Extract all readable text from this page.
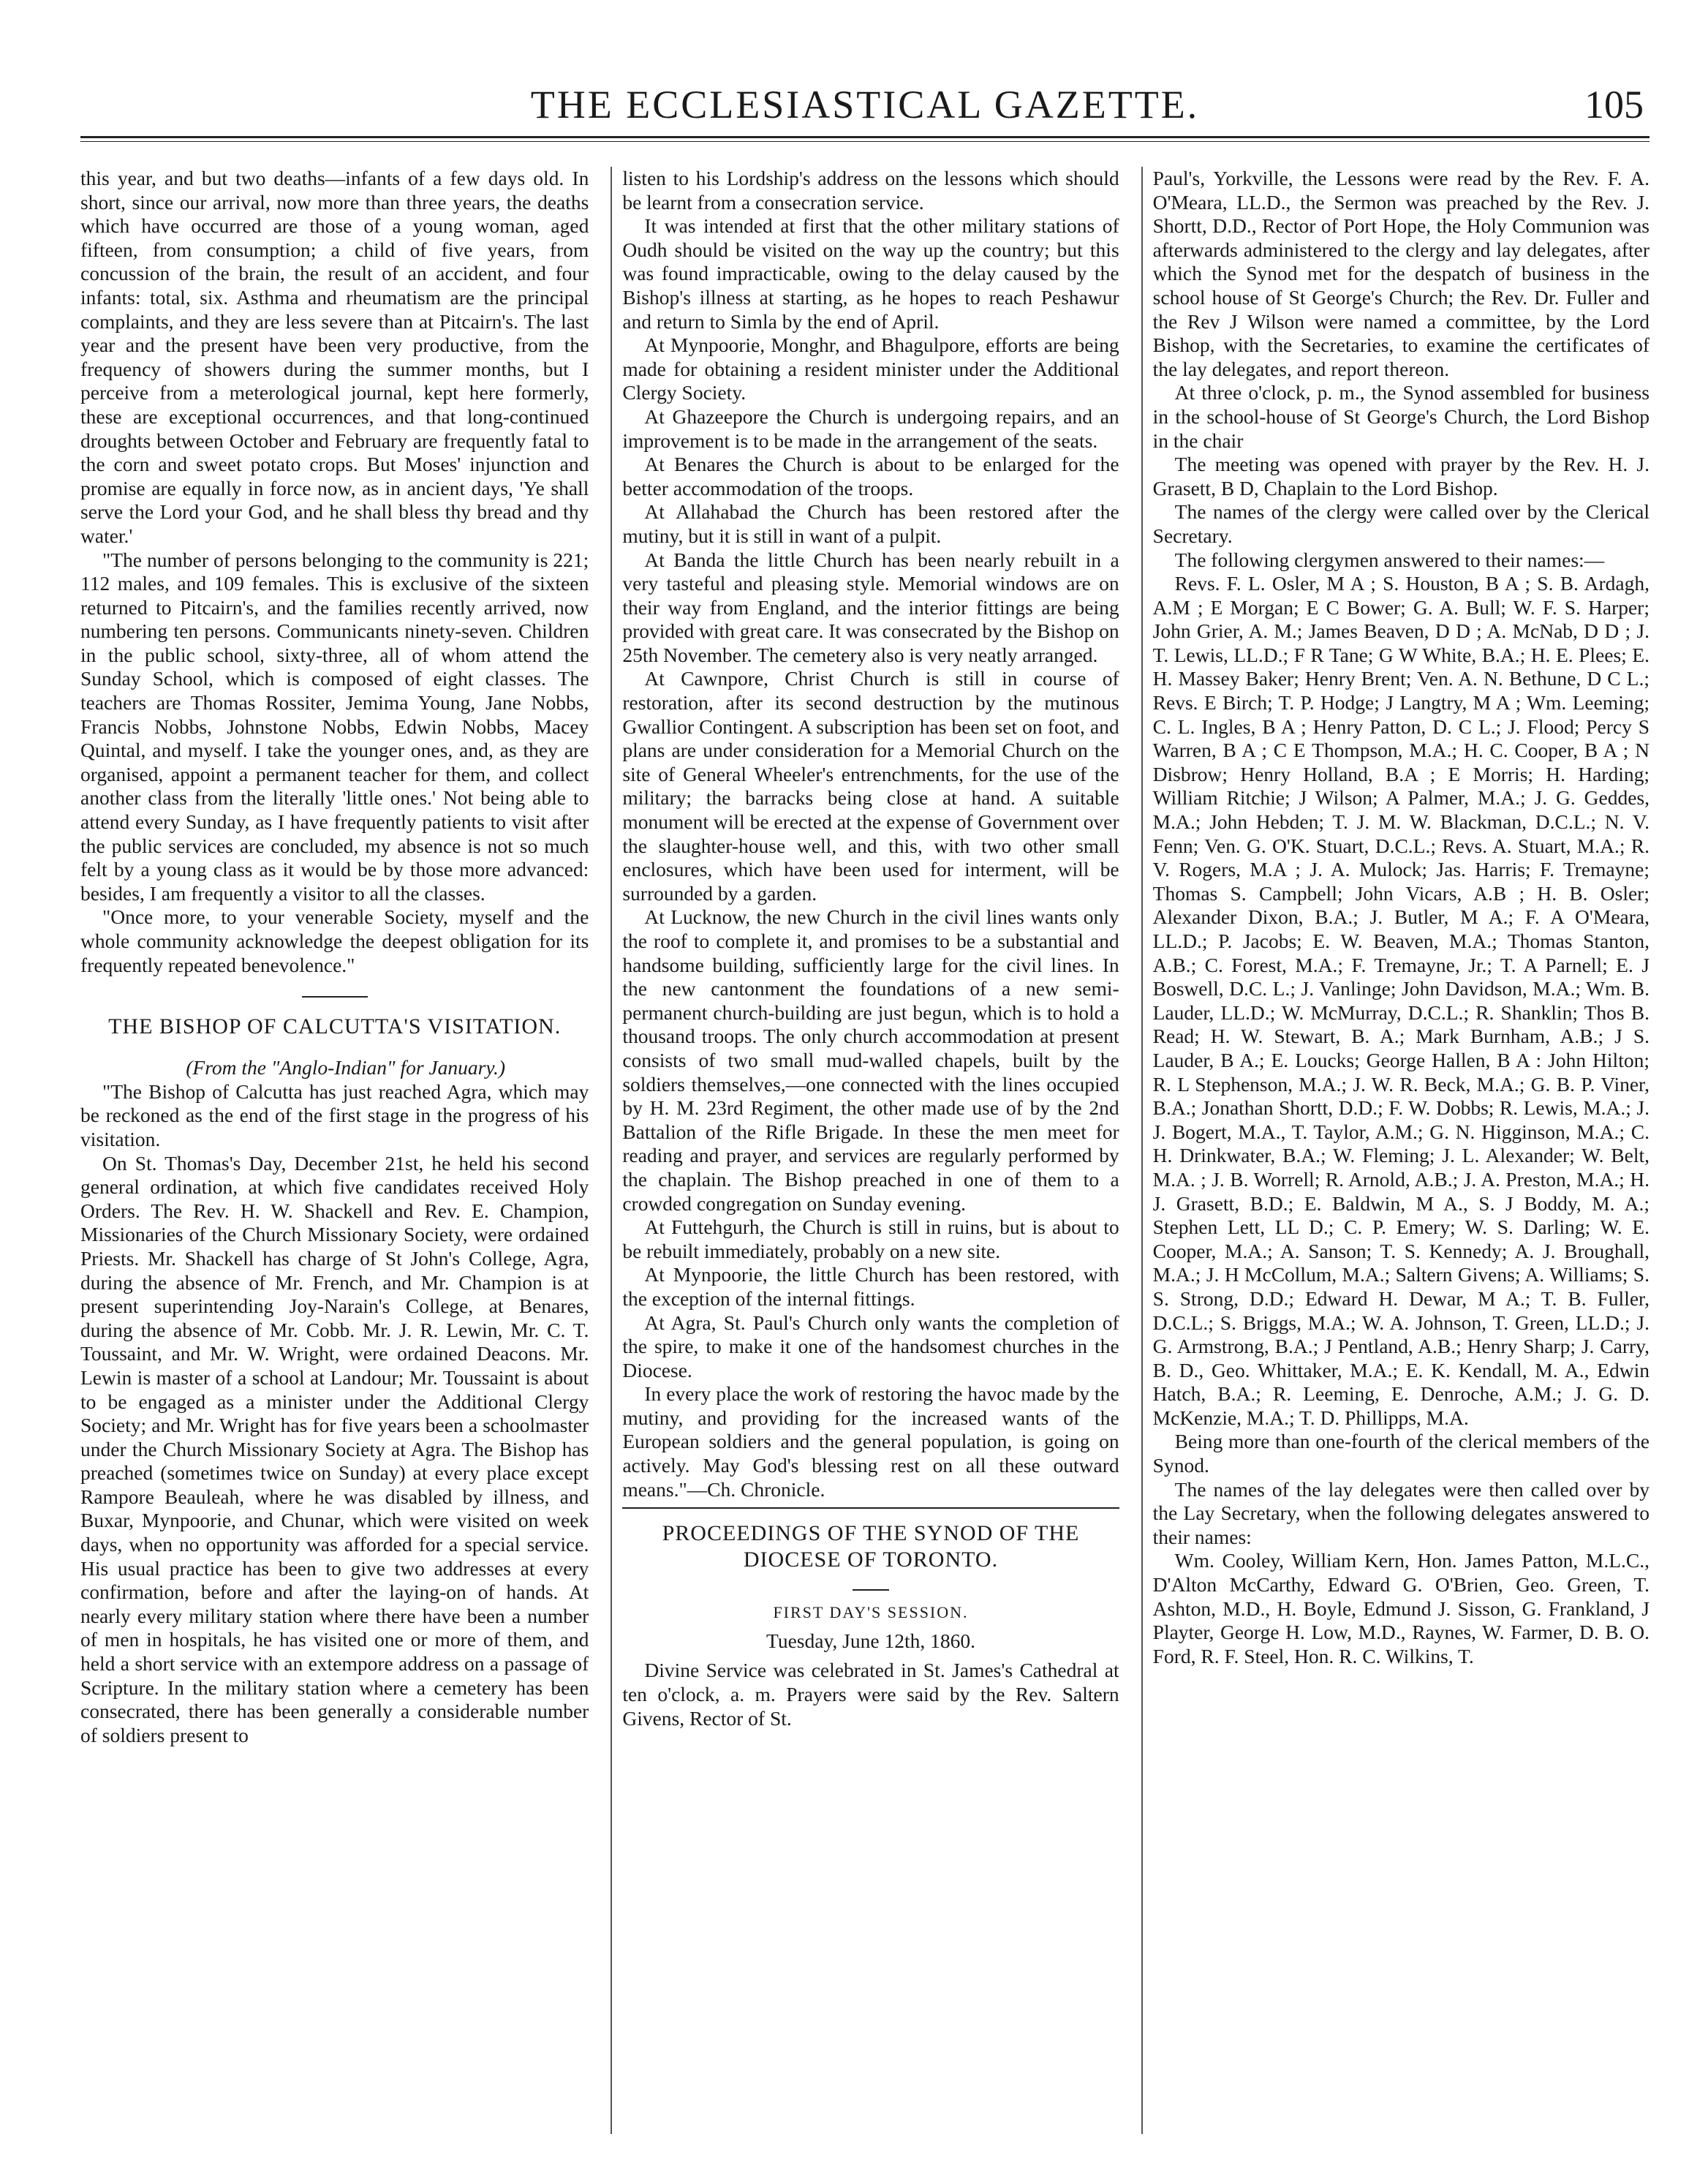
THE ECCLESIASTICAL GAZETTE.	105

this year, and but two deaths—infants of a few days old. In short, since our arrival, now more than three years, the deaths which have occurred are those of a young woman, aged fifteen, from consumption; a child of five years, from concussion of the brain, the result of an accident, and four infants: total, six. Asthma and rheumatism are the principal complaints, and they are less severe than at Pitcairn's. The last year and the present have been very productive, from the frequency of showers during the summer months, but I perceive from a meterological journal, kept here formerly, these are exceptional occurrences, and that long-continued droughts between October and February are frequently fatal to the corn and sweet potato crops. But Moses' injunction and promise are equally in force now, as in ancient days, 'Ye shall serve the Lord your God, and he shall bless thy bread and thy water.'

"The number of persons belonging to the community is 221; 112 males, and 109 females. This is exclusive of the sixteen returned to Pitcairn's, and the families recently arrived, now numbering ten persons. Communicants ninety-seven. Children in the public school, sixty-three, all of whom attend the Sunday School, which is composed of eight classes. The teachers are Thomas Rossiter, Jemima Young, Jane Nobbs, Francis Nobbs, Johnstone Nobbs, Edwin Nobbs, Macey Quintal, and myself. I take the younger ones, and, as they are organised, appoint a permanent teacher for them, and collect another class from the literally 'little ones.' Not being able to attend every Sunday, as I have frequently patients to visit after the public services are concluded, my absence is not so much felt by a young class as it would be by those more advanced: besides, I am frequently a visitor to all the classes.

"Once more, to your venerable Society, myself and the whole community acknowledge the deepest obligation for its frequently repeated benevolence."

THE BISHOP OF CALCUTTA'S VISITATION.

(From the "Anglo-Indian" for January.)

"The Bishop of Calcutta has just reached Agra, which may be reckoned as the end of the first stage in the progress of his visitation.

On St. Thomas's Day, December 21st, he held his second general ordination, at which five candidates received Holy Orders. The Rev. H. W. Shackell and Rev. E. Champion, Missionaries of the Church Missionary Society, were ordained Priests. Mr. Shackell has charge of St John's College, Agra, during the absence of Mr. French, and Mr. Champion is at present superintending Joy-Narain's College, at Benares, during the absence of Mr. Cobb. Mr. J. R. Lewin, Mr. C. T. Toussaint, and Mr. W. Wright, were ordained Deacons. Mr. Lewin is master of a school at Landour; Mr. Toussaint is about to be engaged as a minister under the Additional Clergy Society; and Mr. Wright has for five years been a schoolmaster under the Church Missionary Society at Agra. The Bishop has preached (sometimes twice on Sunday) at every place except Rampore Beauleah, where he was disabled by illness, and Buxar, Mynpoorie, and Chunar, which were visited on week days, when no opportunity was afforded for a special service. His usual practice has been to give two addresses at every confirmation, before and after the laying-on of hands. At nearly every military station where there have been a number of men in hospitals, he has visited one or more of them, and held a short service with an extempore address on a passage of Scripture. In the military station where a cemetery has been consecrated, there has been generally a considerable number of soldiers present to

listen to his Lordship's address on the lessons which should be learnt from a consecration service.

It was intended at first that the other military stations of Oudh should be visited on the way up the country; but this was found impracticable, owing to the delay caused by the Bishop's illness at starting, as he hopes to reach Peshawur and return to Simla by the end of April.

At Mynpoorie, Monghr, and Bhagulpore, efforts are being made for obtaining a resident minister under the Additional Clergy Society.

At Ghazeepore the Church is undergoing repairs, and an improvement is to be made in the arrangement of the seats.

At Benares the Church is about to be enlarged for the better accommodation of the troops.

At Allahabad the Church has been restored after the mutiny, but it is still in want of a pulpit.

At Banda the little Church has been nearly rebuilt in a very tasteful and pleasing style. Memorial windows are on their way from England, and the interior fittings are being provided with great care. It was consecrated by the Bishop on 25th November. The cemetery also is very neatly arranged.

At Cawnpore, Christ Church is still in course of restoration, after its second destruction by the mutinous Gwallior Contingent. A subscription has been set on foot, and plans are under consideration for a Memorial Church on the site of General Wheeler's entrenchments, for the use of the military; the barracks being close at hand. A suitable monument will be erected at the expense of Government over the slaughter-house well, and this, with two other small enclosures, which have been used for interment, will be surrounded by a garden.

At Lucknow, the new Church in the civil lines wants only the roof to complete it, and promises to be a substantial and handsome building, sufficiently large for the civil lines. In the new cantonment the foundations of a new semi-permanent church-building are just begun, which is to hold a thousand troops. The only church accommodation at present consists of two small mud-walled chapels, built by the soldiers themselves,—one connected with the lines occupied by H. M. 23rd Regiment, the other made use of by the 2nd Battalion of the Rifle Brigade. In these the men meet for reading and prayer, and services are regularly performed by the chaplain. The Bishop preached in one of them to a crowded congregation on Sunday evening.

At Futtehgurh, the Church is still in ruins, but is about to be rebuilt immediately, probably on a new site.

At Mynpoorie, the little Church has been restored, with the exception of the internal fittings.

At Agra, St. Paul's Church only wants the completion of the spire, to make it one of the handsomest churches in the Diocese.

In every place the work of restoring the havoc made by the mutiny, and providing for the increased wants of the European soldiers and the general population, is going on actively. May God's blessing rest on all these outward means."—Ch. Chronicle.

PROCEEDINGS OF THE SYNOD OF THE DIOCESE OF TORONTO.
FIRST DAY'S SESSION.
Tuesday, June 12th, 1860.

Divine Service was celebrated in St. James's Cathedral at ten o'clock, a. m. Prayers were said by the Rev. Saltern Givens, Rector of St.

Paul's, Yorkville, the Lessons were read by the Rev. F. A. O'Meara, LL.D., the Sermon was preached by the Rev. J. Shortt, D.D., Rector of Port Hope, the Holy Communion was afterwards administered to the clergy and lay delegates, after which the Synod met for the despatch of business in the school house of St George's Church; the Rev. Dr. Fuller and the Rev J Wilson were named a committee, by the Lord Bishop, with the Secretaries, to examine the certificates of the lay delegates, and report thereon.

At three o'clock, p. m., the Synod assembled for business in the school-house of St George's Church, the Lord Bishop in the chair

The meeting was opened with prayer by the Rev. H. J. Grasett, B D, Chaplain to the Lord Bishop.

The names of the clergy were called over by the Clerical Secretary.

The following clergymen answered to their names:—

Revs. F. L. Osler, M A ; S. Houston, B A ; S. B. Ardagh, A.M ; E Morgan; E C Bower; G. A. Bull; W. F. S. Harper; John Grier, A. M.; James Beaven, D D ; A. McNab, D D ; J. T. Lewis, LL.D.; F R Tane; G W White, B.A.; H. E. Plees; E. H. Massey Baker; Henry Brent; Ven. A. N. Bethune, D C L.; Revs. E Birch; T. P. Hodge; J Langtry, M A ; Wm. Leeming; C. L. Ingles, B A ; Henry Patton, D. C L.; J. Flood; Percy S Warren, B A ; C E Thompson, M.A.; H. C. Cooper, B A ; N Disbrow; Henry Holland, B.A ; E Morris; H. Harding; William Ritchie; J Wilson; A Palmer, M.A.; J. G. Geddes, M.A.; John Hebden; T. J. M. W. Blackman, D.C.L.; N. V. Fenn; Ven. G. O'K. Stuart, D.C.L.; Revs. A. Stuart, M.A.; R. V. Rogers, M.A ; J. A. Mulock; Jas. Harris; F. Tremayne; Thomas S. Campbell; John Vicars, A.B ; H. B. Osler; Alexander Dixon, B.A.; J. Butler, M A.; F. A O'Meara, LL.D.; P. Jacobs; E. W. Beaven, M.A.; Thomas Stanton, A.B.; C. Forest, M.A.; F. Tremayne, Jr.; T. A Parnell; E. J Boswell, D.C. L.; J. Vanlinge; John Davidson, M.A.; Wm. B. Lauder, LL.D.; W. McMurray, D.C.L.; R. Shanklin; Thos B. Read; H. W. Stewart, B. A.; Mark Burnham, A.B.; J S. Lauder, B A.; E. Loucks; George Hallen, B A : John Hilton; R. L Stephenson, M.A.; J. W. R. Beck, M.A.; G. B. P. Viner, B.A.; Jonathan Shortt, D.D.; F. W. Dobbs; R. Lewis, M.A.; J. J. Bogert, M.A., T. Taylor, A.M.; G. N. Higginson, M.A.; C. H. Drinkwater, B.A.; W. Fleming; J. L. Alexander; W. Belt, M.A. ; J. B. Worrell; R. Arnold, A.B.; J. A. Preston, M.A.; H. J. Grasett, B.D.; E. Baldwin, M A., S. J Boddy, M. A.; Stephen Lett, LL D.; C. P. Emery; W. S. Darling; W. E. Cooper, M.A.; A. Sanson; T. S. Kennedy; A. J. Broughall, M.A.; J. H McCollum, M.A.; Saltern Givens; A. Williams; S. S. Strong, D.D.; Edward H. Dewar, M A.; T. B. Fuller, D.C.L.; S. Briggs, M.A.; W. A. Johnson, T. Green, LL.D.; J. G. Armstrong, B.A.; J Pentland, A.B.; Henry Sharp; J. Carry, B. D., Geo. Whittaker, M.A.; E. K. Kendall, M. A., Edwin Hatch, B.A.; R. Leeming, E. Denroche, A.M.; J. G. D. McKenzie, M.A.; T. D. Phillipps, M.A.

Being more than one-fourth of the clerical members of the Synod.

The names of the lay delegates were then called over by the Lay Secretary, when the following delegates answered to their names:

Wm. Cooley, William Kern, Hon. James Patton, M.L.C., D'Alton McCarthy, Edward G. O'Brien, Geo. Green, T. Ashton, M.D., H. Boyle, Edmund J. Sisson, G. Frankland, J Playter, George H. Low, M.D., Raynes, W. Farmer, D. B. O. Ford, R. F. Steel, Hon. R. C. Wilkins, T.
